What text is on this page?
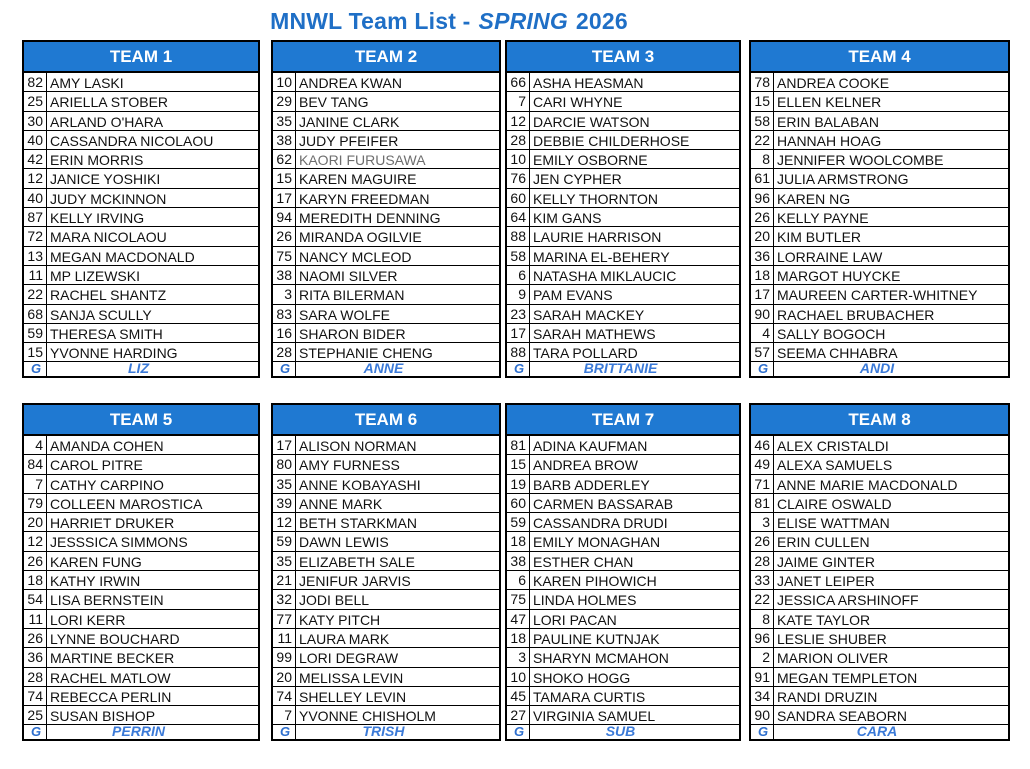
MNWL Team List - SPRING 2026
TEAM 1
82 AMY LASKI
25 ARIELLA STOBER
30 ARLAND O'HARA
40 CASSANDRA NICOLAOU
42 ERIN MORRIS
12 JANICE YOSHIKI
40 JUDY MCKINNON
87 KELLY IRVING
72 MARA NICOLAOU
13 MEGAN MACDONALD
11 MP LIZEWSKI
22 RACHEL SHANTZ
68 SANJA SCULLY
59 THERESA SMITH
15 YVONNE HARDING
G	LIZ
TEAM 2
10 ANDREA KWAN
29 BEV TANG
35 JANINE CLARK
38 JUDY PFEIFER
62 KAORI FURUSAWA
15 KAREN MAGUIRE
17 KARYN FREEDMAN
94 MEREDITH DENNING
26 MIRANDA OGILVIE
75 NANCY MCLEOD
38 NAOMI SILVER
3 RITA BILERMAN
83 SARA WOLFE
16 SHARON BIDER
28 STEPHANIE CHENG
G	ANNE
TEAM 3
66 ASHA HEASMAN
7 CARI WHYNE
12 DARCIE WATSON
28 DEBBIE CHILDERHOSE
10 EMILY OSBORNE
76 JEN CYPHER
60 KELLY THORNTON
64 KIM GANS
88 LAURIE HARRISON
58 MARINA EL-BEHERY
6 NATASHA MIKLAUCIC
9 PAM EVANS
23 SARAH MACKEY
17 SARAH MATHEWS
88 TARA POLLARD
G	BRITTANIE
TEAM 4
78 ANDREA COOKE
15 ELLEN KELNER
58 ERIN BALABAN
22 HANNAH HOAG
8 JENNIFER WOOLCOMBE
61 JULIA ARMSTRONG
96 KAREN NG
26 KELLY PAYNE
20 KIM BUTLER
36 LORRAINE LAW
18 MARGOT HUYCKE
17 MAUREEN CARTER-WHITNEY
90 RACHAEL BRUBACHER
4 SALLY BOGOCH
57 SEEMA CHHABRA
G	ANDI
TEAM 5
4 AMANDA COHEN
84 CAROL PITRE
7 CATHY CARPINO
79 COLLEEN MAROSTICA
20 HARRIET DRUKER
12 JESSSICA SIMMONS
26 KAREN FUNG
18 KATHY IRWIN
54 LISA BERNSTEIN
11 LORI KERR
26 LYNNE BOUCHARD
36 MARTINE BECKER
28 RACHEL MATLOW
74 REBECCA PERLIN
25 SUSAN BISHOP
G	PERRIN
TEAM 6
17 ALISON NORMAN
80 AMY FURNESS
35 ANNE KOBAYASHI
39 ANNE MARK
12 BETH STARKMAN
59 DAWN LEWIS
35 ELIZABETH SALE
21 JENIFUR JARVIS
32 JODI BELL
77 KATY PITCH
11 LAURA MARK
99 LORI DEGRAW
20 MELISSA LEVIN
74 SHELLEY LEVIN
7 YVONNE CHISHOLM
G	TRISH
TEAM 7
81 ADINA KAUFMAN
15 ANDREA BROW
19 BARB ADDERLEY
60 CARMEN BASSARAB
59 CASSANDRA DRUDI
18 EMILY MONAGHAN
38 ESTHER CHAN
6 KAREN PIHOWICH
75 LINDA HOLMES
47 LORI PACAN
18 PAULINE KUTNJAK
3 SHARYN MCMAHON
10 SHOKO HOGG
45 TAMARA CURTIS
27 VIRGINIA SAMUEL
G	SUB
TEAM 8
46 ALEX CRISTALDI
49 ALEXA SAMUELS
71 ANNE MARIE MACDONALD
81 CLAIRE OSWALD
3 ELISE WATTMAN
26 ERIN CULLEN
28 JAIME GINTER
33 JANET LEIPER
22 JESSICA ARSHINOFF
8 KATE TAYLOR
96 LESLIE SHUBER
2 MARION OLIVER
91 MEGAN TEMPLETON
34 RANDI DRUZIN
90 SANDRA SEABORN
G	CARA
